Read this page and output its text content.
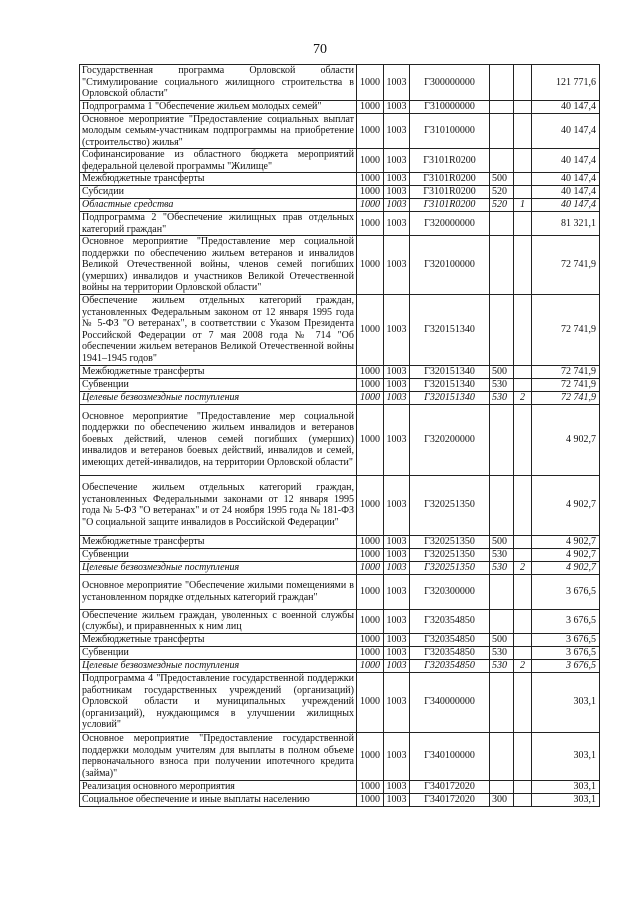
70
Государственная программа Орловской области "Стимулирование социального жилищного строительства в Орловской области"	1000	1003	Г300000000			121 771,6
Подпрограмма 1 "Обеспечение жильем молодых семей"	1000	1003	Г310000000			40 147,4
Основное мероприятие "Предоставление социальных выплат молодым семьям-участникам подпрограммы на приобретение (строительство) жилья"	1000	1003	Г310100000			40 147,4
Софинансирование из областного бюджета мероприятий федеральной целевой программы "Жилище"	1000	1003	Г3101R0200			40 147,4
Межбюджетные трансферты	1000	1003	Г3101R0200	500		40 147,4
Субсидии	1000	1003	Г3101R0200	520		40 147,4
Областные средства	1000	1003	Г3101R0200	520	1	40 147,4
Подпрограмма 2 "Обеспечение жилищных прав отдельных категорий граждан"	1000	1003	Г320000000			81 321,1
Основное мероприятие "Предоставление мер социальной поддержки по обеспечению жильем ветеранов и инвалидов Великой Отечественной войны, членов семей погибших (умерших) инвалидов и участников Великой Отечественной войны на территории Орловской области"	1000	1003	Г320100000			72 741,9
Обеспечение жильем отдельных категорий граждан, установленных Федеральным законом от 12 января 1995 года № 5-ФЗ "О ветеранах", в соответствии с Указом Президента Российской Федерации от 7 мая 2008 года № 714 "Об обеспечении жильем ветеранов Великой Отечественной войны 1941–1945 годов"	1000	1003	Г320151340			72 741,9
Межбюджетные трансферты	1000	1003	Г320151340	500		72 741,9
Субвенции	1000	1003	Г320151340	530		72 741,9
Целевые безвозмездные поступления	1000	1003	Г320151340	530	2	72 741,9
Основное мероприятие "Предоставление мер социальной поддержки по обеспечению жильем инвалидов и ветеранов боевых действий, членов семей погибших (умерших) инвалидов и ветеранов боевых действий, инвалидов и семей, имеющих детей-инвалидов, на территории Орловской области"	1000	1003	Г320200000			4 902,7
Обеспечение жильем отдельных категорий граждан, установленных Федеральными законами от 12 января 1995 года № 5-ФЗ "О ветеранах" и от 24 ноября 1995 года № 181-ФЗ "О социальной защите инвалидов в Российской Федерации"	1000	1003	Г320251350			4 902,7
Межбюджетные трансферты	1000	1003	Г320251350	500		4 902,7
Субвенции	1000	1003	Г320251350	530		4 902,7
Целевые безвозмездные поступления	1000	1003	Г320251350	530	2	4 902,7
Основное мероприятие "Обеспечение жилыми помещениями в установленном порядке отдельных категорий граждан"	1000	1003	Г320300000			3 676,5
Обеспечение жильем граждан, уволенных с военной службы (службы), и приравненных к ним лиц	1000	1003	Г320354850			3 676,5
Межбюджетные трансферты	1000	1003	Г320354850	500		3 676,5
Субвенции	1000	1003	Г320354850	530		3 676,5
Целевые безвозмездные поступления	1000	1003	Г320354850	530	2	3 676,5
Подпрограмма 4 "Предоставление государственной поддержки работникам государственных учреждений (организаций) Орловской области и муниципальных учреждений (организаций), нуждающимся в улучшении жилищных условий"	1000	1003	Г340000000			303,1
Основное мероприятие "Предоставление государственной поддержки молодым учителям для выплаты в полном объеме первоначального взноса при получении ипотечного кредита (займа)"	1000	1003	Г340100000			303,1
Реализация основного мероприятия	1000	1003	Г340172020			303,1
Социальное обеспечение и иные выплаты населению	1000	1003	Г340172020	300		303,1
